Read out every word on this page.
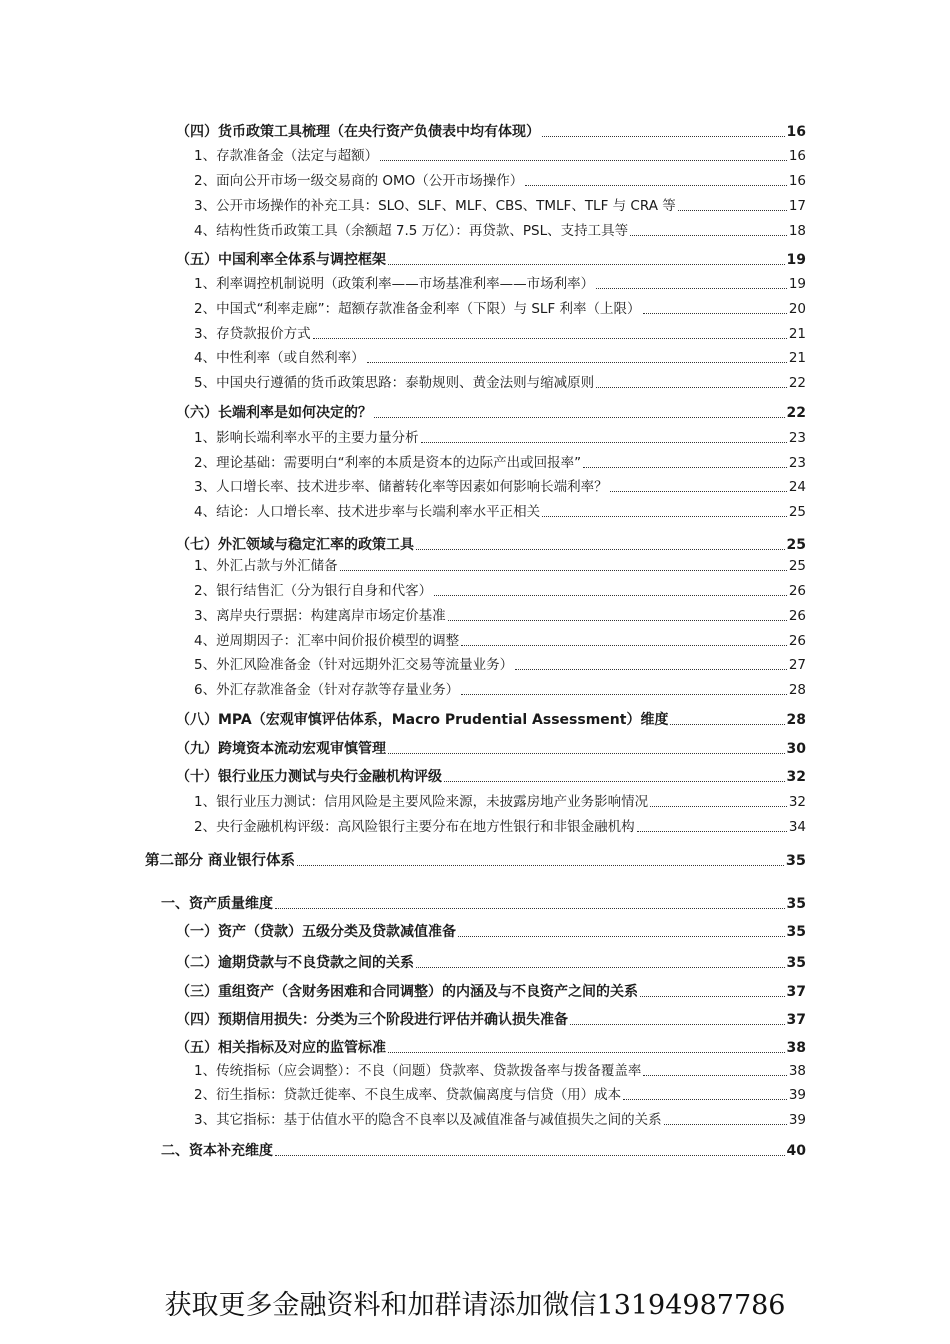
（四）货币政策工具梳理（在央行资产负债表中均有体现）	16
1、存款准备金（法定与超额）	16
2、面向公开市场一级交易商的 OMO（公开市场操作）	16
3、公开市场操作的补充工具：SLO、SLF、MLF、CBS、TMLF、TLF 与 CRA 等	17
4、结构性货币政策工具（余额超 7.5 万亿）：再贷款、PSL、支持工具等	18
（五）中国利率全体系与调控框架	19
1、利率调控机制说明（政策利率——市场基准利率——市场利率）	19
2、中国式“利率走廊”：超额存款准备金利率（下限）与 SLF 利率（上限）	20
3、存贷款报价方式	21
4、中性利率（或自然利率）	21
5、中国央行遵循的货币政策思路：泰勒规则、黄金法则与缩减原则	22
（六）长端利率是如何决定的？	22
1、影响长端利率水平的主要力量分析	23
2、理论基础：需要明白“利率的本质是资本的边际产出或回报率”	23
3、人口增长率、技术进步率、储蓄转化率等因素如何影响长端利率？	24
4、结论：人口增长率、技术进步率与长端利率水平正相关	25
（七）外汇领域与稳定汇率的政策工具	25
1、外汇占款与外汇储备	25
2、银行结售汇（分为银行自身和代客）	26
3、离岸央行票据：构建离岸市场定价基准	26
4、逆周期因子：汇率中间价报价模型的调整	26
5、外汇风险准备金（针对远期外汇交易等流量业务）	27
6、外汇存款准备金（针对存款等存量业务）	28
（八）MPA（宏观审慎评估体系，Macro Prudential Assessment）维度	28
（九）跨境资本流动宏观审慎管理	30
（十）银行业压力测试与央行金融机构评级	32
1、银行业压力测试：信用风险是主要风险来源，未披露房地产业务影响情况	32
2、央行金融机构评级：高风险银行主要分布在地方性银行和非银金融机构	34
第二部分 商业银行体系	35
一、资产质量维度	35
（一）资产（贷款）五级分类及贷款减值准备	35
（二）逾期贷款与不良贷款之间的关系	35
（三）重组资产（含财务困难和合同调整）的内涵及与不良资产之间的关系	37
（四）预期信用损失：分类为三个阶段进行评估并确认损失准备	37
（五）相关指标及对应的监管标准	38
1、传统指标（应会调整）：不良（问题）贷款率、贷款拨备率与拨备覆盖率	38
2、衍生指标：贷款迁徙率、不良生成率、贷款偏离度与信贷（用）成本	39
3、其它指标：基于估值水平的隐含不良率以及减值准备与减值损失之间的关系	39
二、资本补充维度	40
获取更多金融资料和加群请添加微信13194987786
